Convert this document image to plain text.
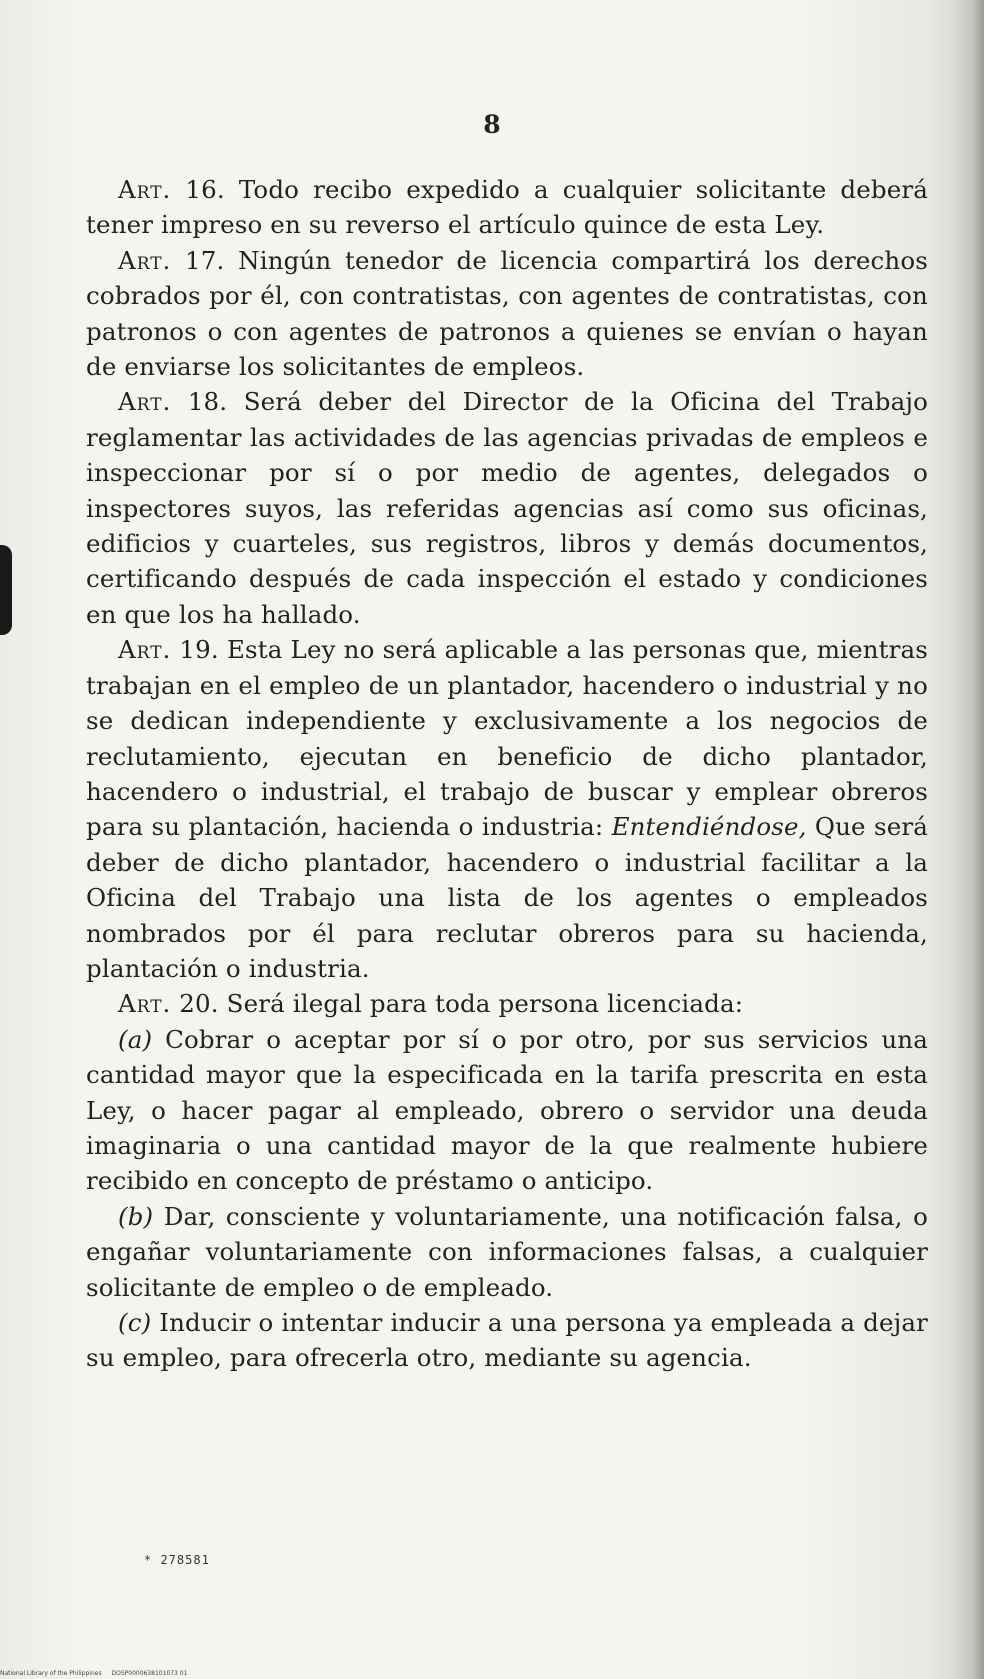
8

Art. 16. Todo recibo expedido a cualquier solicitante deberá tener impreso en su reverso el artículo quince de esta Ley.

Art. 17. Ningún tenedor de licencia compartirá los derechos cobrados por él, con contratistas, con agentes de contratistas, con patronos o con agentes de patronos a quienes se envían o hayan de enviarse los solicitantes de empleos.

Art. 18. Será deber del Director de la Oficina del Trabajo reglamentar las actividades de las agencias privadas de empleos e inspeccionar por sí o por medio de agentes, delegados o inspectores suyos, las referidas agencias así como sus oficinas, edificios y cuarteles, sus registros, libros y demás documentos, certificando después de cada inspección el estado y condiciones en que los ha hallado.

Art. 19. Esta Ley no será aplicable a las personas que, mientras trabajan en el empleo de un plantador, hacendero o industrial y no se dedican independiente y exclusivamente a los negocios de reclutamiento, ejecutan en beneficio de dicho plantador, hacendero o industrial, el trabajo de buscar y emplear obreros para su plantación, hacienda o industria: Entendiéndose, Que será deber de dicho plantador, hacendero o industrial facilitar a la Oficina del Trabajo una lista de los agentes o empleados nombrados por él para reclutar obreros para su hacienda, plantación o industria.

Art. 20. Será ilegal para toda persona licenciada:

(a) Cobrar o aceptar por sí o por otro, por sus servicios una cantidad mayor que la especificada en la tarifa prescrita en esta Ley, o hacer pagar al empleado, obrero o servidor una deuda imaginaria o una cantidad mayor de la que realmente hubiere recibido en concepto de préstamo o anticipo.

(b) Dar, consciente y voluntariamente, una notificación falsa, o engañar voluntariamente con informaciones falsas, a cualquier solicitante de empleo o de empleado.

(c) Inducir o intentar inducir a una persona ya empleada a dejar su empleo, para ofrecerla otro, mediante su agencia.

* 278581
National Library of the Philippines DOSP0000638101073 01
